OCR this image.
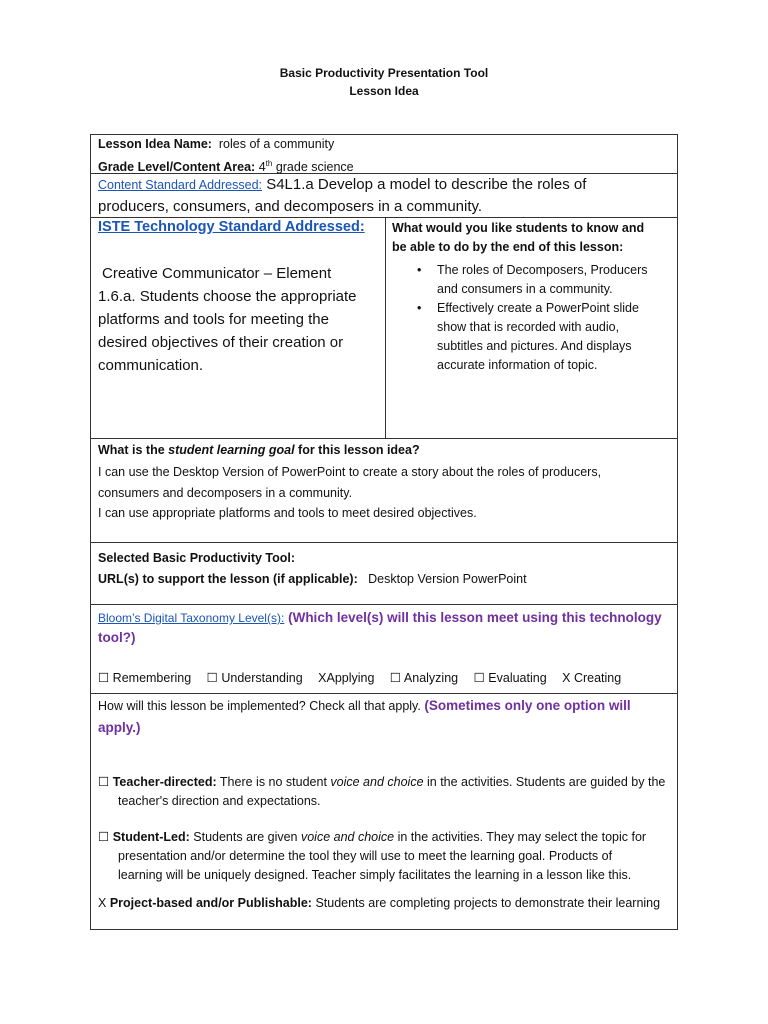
Basic Productivity Presentation Tool
Lesson Idea
Lesson Idea Name: roles of a community
Grade Level/Content Area: 4th grade science
Content Standard Addressed: S4L1.a Develop a model to describe the roles of
producers, consumers, and decomposers in a community.
ISTE Technology Standard Addressed:
Creative Communicator – Element
1.6.a. Students choose the appropriate
platforms and tools for meeting the
desired objectives of their creation or
communication.
What would you like students to know and
be able to do by the end of this lesson:
• The roles of Decomposers, Producers and consumers in a community.
• Effectively create a PowerPoint slide show that is recorded with audio, subtitles and pictures. And displays accurate information of topic.
What is the student learning goal for this lesson idea?
I can use the Desktop Version of PowerPoint to create a story about the roles of producers,
consumers and decomposers in a community.
I can use appropriate platforms and tools to meet desired objectives.
Selected Basic Productivity Tool:
URL(s) to support the lesson (if applicable): Desktop Version PowerPoint
Bloom’s Digital Taxonomy Level(s): (Which level(s) will this lesson meet using this technology
tool?)
☐ Remembering ☐ Understanding XApplying ☐ Analyzing ☐ Evaluating X Creating
How will this lesson be implemented? Check all that apply. (Sometimes only one option will
apply.)
☐ Teacher-directed: There is no student voice and choice in the activities. Students are guided by the
teacher's direction and expectations.
☐ Student-Led: Students are given voice and choice in the activities. They may select the topic for
presentation and/or determine the tool they will use to meet the learning goal. Products of
learning will be uniquely designed. Teacher simply facilitates the learning in a lesson like this.
X Project-based and/or Publishable: Students are completing projects to demonstrate their learning
